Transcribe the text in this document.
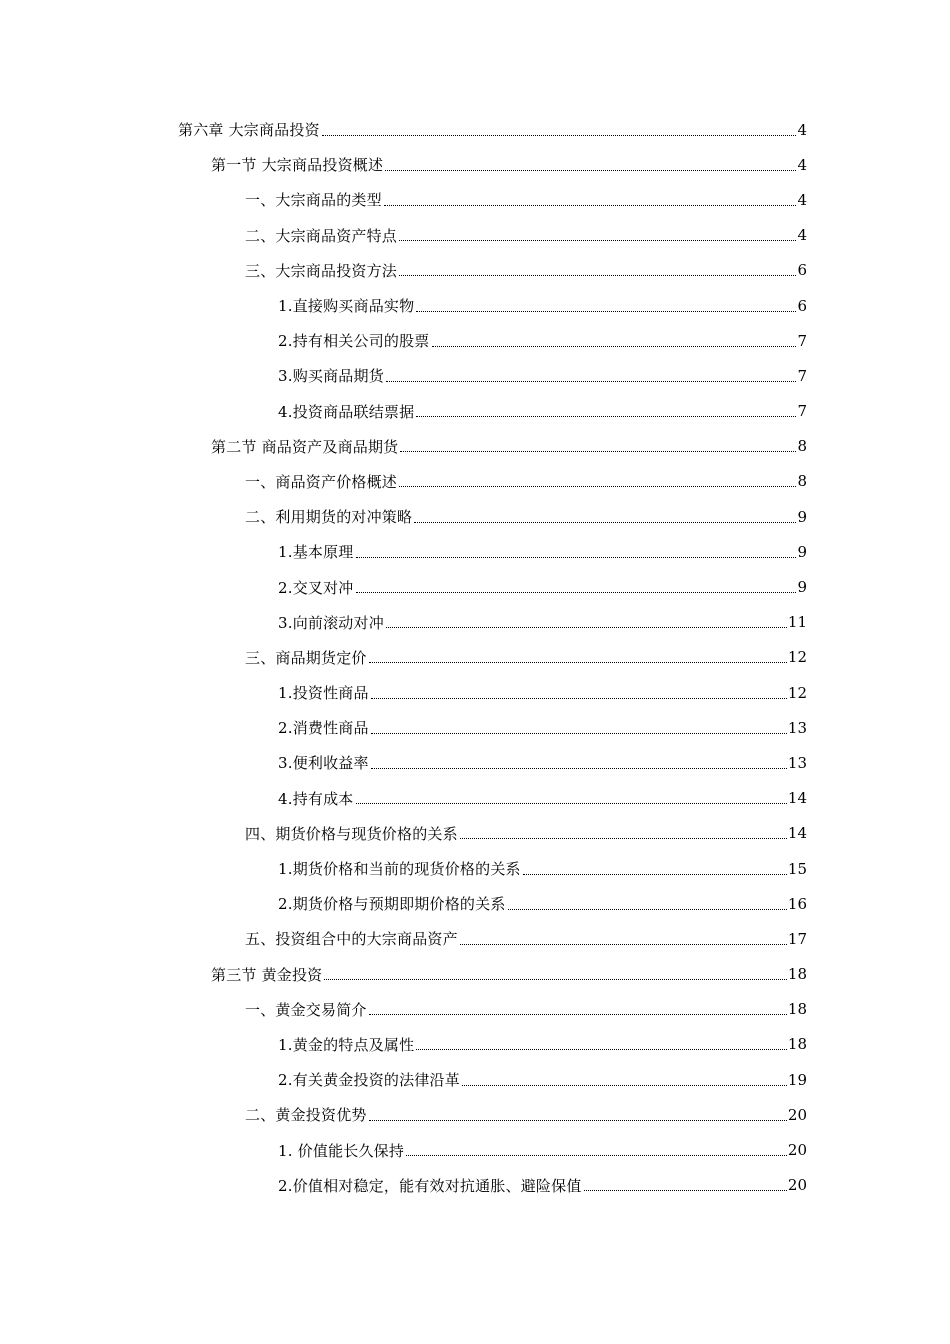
第六章 大宗商品投资	4
第一节 大宗商品投资概述	4
一、大宗商品的类型	4
二、大宗商品资产特点	4
三、大宗商品投资方法	6
1.直接购买商品实物	6
2.持有相关公司的股票	7
3.购买商品期货	7
4.投资商品联结票据	7
第二节 商品资产及商品期货	8
一、商品资产价格概述	8
二、利用期货的对冲策略	9
1.基本原理	9
2.交叉对冲	9
3.向前滚动对冲	11
三、商品期货定价	12
1.投资性商品	12
2.消费性商品	13
3.便利收益率	13
4.持有成本	14
四、期货价格与现货价格的关系	14
1.期货价格和当前的现货价格的关系	15
2.期货价格与预期即期价格的关系	16
五、投资组合中的大宗商品资产	17
第三节 黄金投资	18
一、黄金交易简介	18
1.黄金的特点及属性	18
2.有关黄金投资的法律沿革	19
二、黄金投资优势	20
1. 价值能长久保持	20
2.价值相对稳定，能有效对抗通胀、避险保值	20
